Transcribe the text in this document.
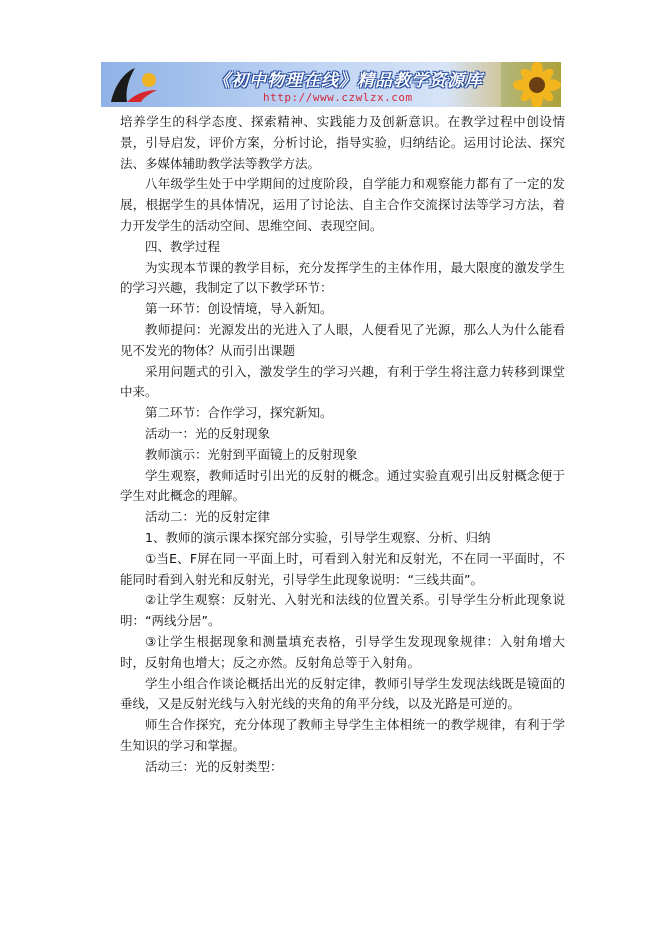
《初中物理在线》精品教学资源库
http://www.czwlzx.com

培养学生的科学态度、探索精神、实践能力及创新意识。在教学过程中创设情景，引导启发，评价方案，分析讨论，指导实验，归纳结论。运用讨论法、探究法、多媒体辅助教学法等教学方法。

八年级学生处于中学期间的过度阶段，自学能力和观察能力都有了一定的发展，根据学生的具体情况，运用了讨论法、自主合作交流探讨法等学习方法，着力开发学生的活动空间、思维空间、表现空间。

四、教学过程

为实现本节课的教学目标，充分发挥学生的主体作用，最大限度的激发学生的学习兴趣，我制定了以下教学环节：

第一环节：创设情境，导入新知。

教师提问：光源发出的光进入了人眼，人便看见了光源，那么人为什么能看见不发光的物体？从而引出课题

采用问题式的引入，激发学生的学习兴趣，有利于学生将注意力转移到课堂中来。

第二环节：合作学习，探究新知。

活动一：光的反射现象

教师演示：光射到平面镜上的反射现象

学生观察，教师适时引出光的反射的概念。通过实验直观引出反射概念便于学生对此概念的理解。

活动二：光的反射定律

1、教师的演示课本探究部分实验，引导学生观察、分析、归纳

①当E、F屏在同一平面上时，可看到入射光和反射光，不在同一平面时，不能同时看到入射光和反射光，引导学生此现象说明：“三线共面”。

②让学生观察：反射光、入射光和法线的位置关系。引导学生分析此现象说明：“两线分居”。

③让学生根据现象和测量填充表格，引导学生发现现象规律：入射角增大时，反射角也增大；反之亦然。反射角总等于入射角。

学生小组合作谈论概括出光的反射定律，教师引导学生发现法线既是镜面的垂线，又是反射光线与入射光线的夹角的角平分线，以及光路是可逆的。

师生合作探究，充分体现了教师主导学生主体相统一的教学规律，有利于学生知识的学习和掌握。

活动三：光的反射类型：
